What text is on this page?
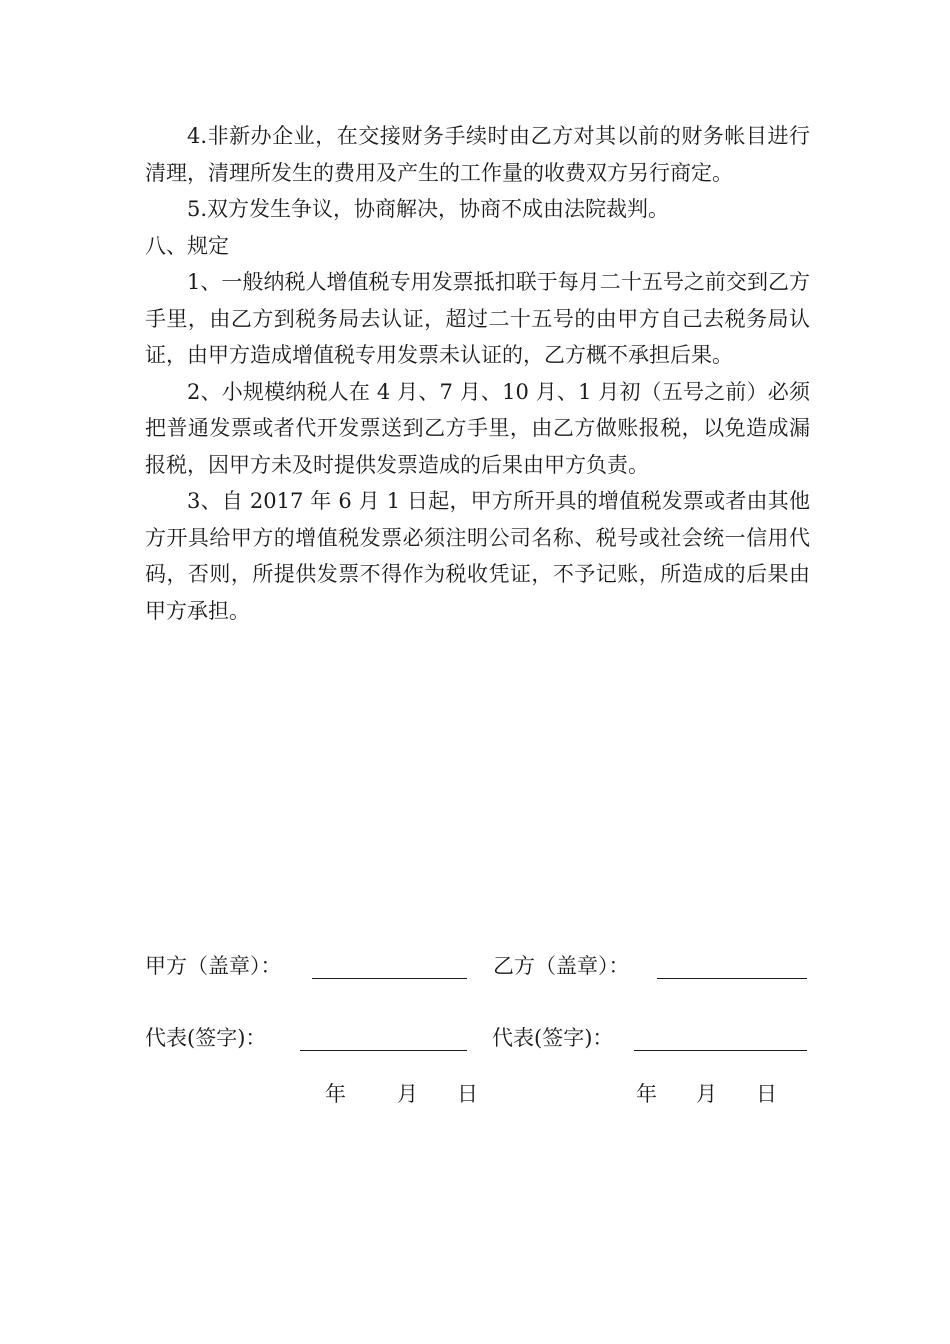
4.非新办企业，在交接财务手续时由乙方对其以前的财务帐目进行清理，清理所发生的费用及产生的工作量的收费双方另行商定。

5.双方发生争议，协商解决，协商不成由法院裁判。

八、规定

1、一般纳税人增值税专用发票抵扣联于每月二十五号之前交到乙方手里，由乙方到税务局去认证，超过二十五号的由甲方自己去税务局认证，由甲方造成增值税专用发票未认证的，乙方概不承担后果。

2、小规模纳税人在 4 月、7 月、10 月、1 月初（五号之前）必须把普通发票或者代开发票送到乙方手里，由乙方做账报税，以免造成漏报税，因甲方未及时提供发票造成的后果由甲方负责。

3、自 2017 年 6 月 1 日起，甲方所开具的增值税发票或者由其他方开具给甲方的增值税发票必须注明公司名称、税号或社会统一信用代码，否则，所提供发票不得作为税收凭证，不予记账，所造成的后果由甲方承担。

甲方（盖章）：	乙方（盖章）：
代表(签字)：	代表(签字)：
年 月 日	年 月 日
